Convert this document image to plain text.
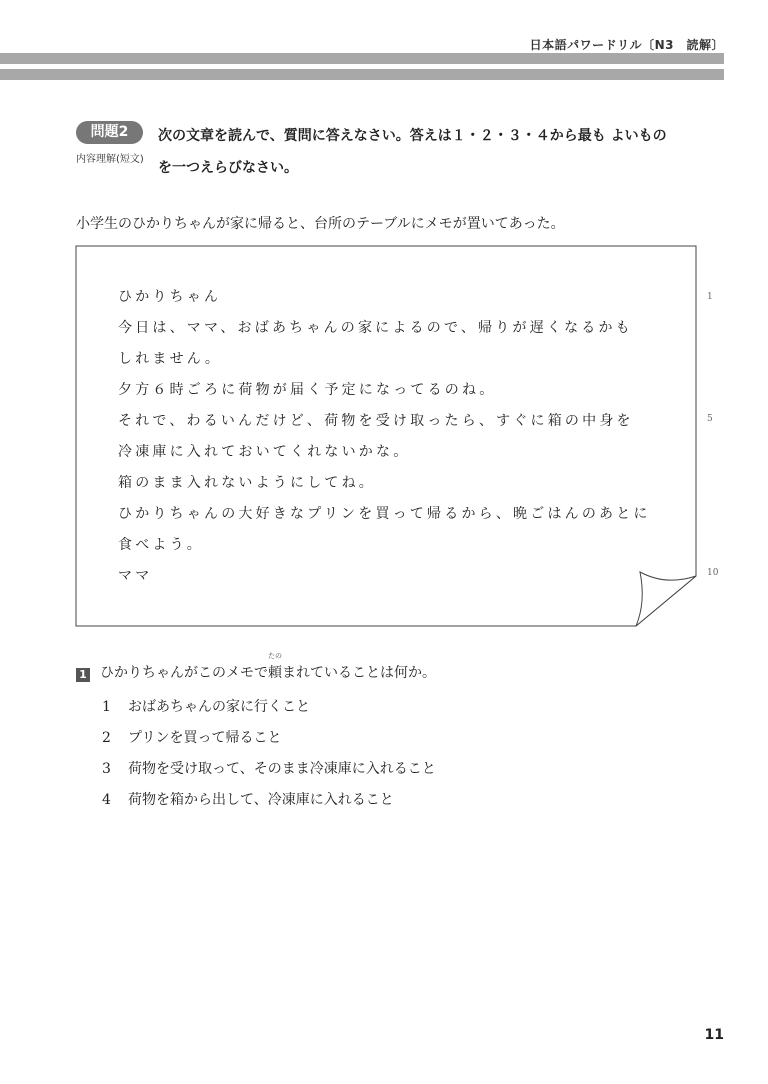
日本語パワードリル〔N3　読解〕
問題2
内容理解(短文)
次の文章を読んで、質問に答えなさい。答えは１・２・３・４から最も よいもの
を一つえらびなさい。
小学生のひかりちゃんが家に帰ると、台所のテーブルにメモが置いてあった。
ひかりちゃん
今日は、ママ、おばあちゃんの家によるので、帰りが遅くなるかも
しれません。
夕方６時ごろに荷物が届く予定になってるのね。
それで、わるいんだけど、荷物を受け取ったら、すぐに箱の中身を
冷凍庫に入れておいてくれないかな。
箱のまま入れないようにしてね。
ひかりちゃんの大好きなプリンを買って帰るから、晩ごはんのあとに
食べよう。
ママ
1
5
10
1 ひかりちゃんがこのメモで
たの
頼まれていることは何か。
1 おばあちゃんの家に行くこと
2 プリンを買って帰ること
3 荷物を受け取って、そのまま冷凍庫に入れること
4 荷物を箱から出して、冷凍庫に入れること
11
